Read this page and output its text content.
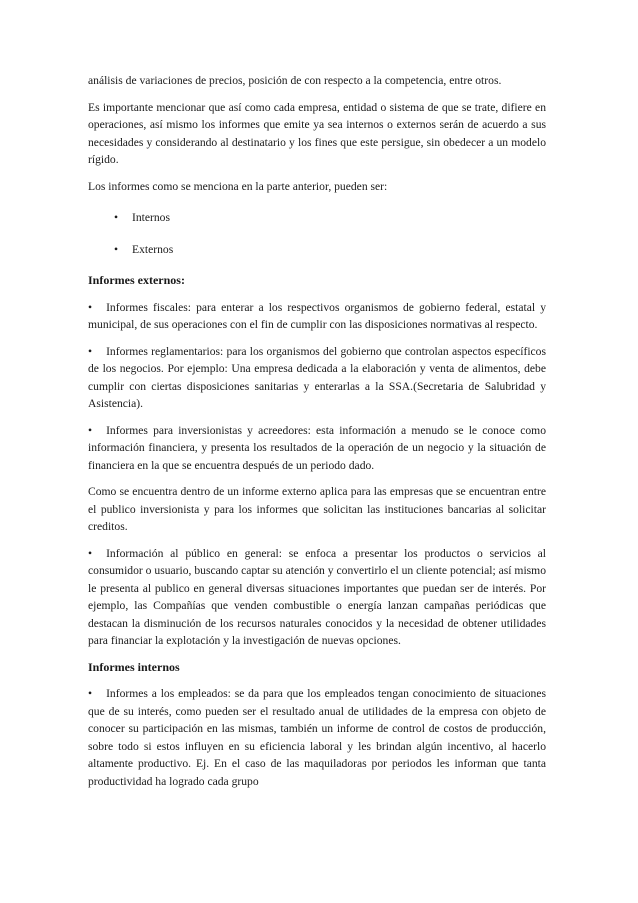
análisis de variaciones de precios, posición de con respecto a la competencia, entre otros.

Es importante mencionar que así como cada empresa, entidad o sistema de que se trate, difiere en operaciones, así mismo los informes que emite ya sea internos o externos serán de acuerdo a sus necesidades y considerando al destinatario y los fines que este persigue, sin obedecer a un modelo rígido.

Los informes como se menciona en la parte anterior, pueden ser:

• Internos
• Externos
Informes externos:

• Informes fiscales: para enterar a los respectivos organismos de gobierno federal, estatal y municipal, de sus operaciones con el fin de cumplir con las disposiciones normativas al respecto.

• Informes reglamentarios: para los organismos del gobierno que controlan aspectos específicos de los negocios. Por ejemplo: Una empresa dedicada a la elaboración y venta de alimentos, debe cumplir con ciertas disposiciones sanitarias y enterarlas a la SSA.(Secretaria de Salubridad y Asistencia).

• Informes para inversionistas y acreedores: esta información a menudo se le conoce como información financiera, y presenta los resultados de la operación de un negocio y la situación de financiera en la que se encuentra después de un periodo dado.

Como se encuentra dentro de un informe externo aplica para las empresas que se encuentran entre el publico inversionista y para los informes que solicitan las instituciones bancarias al solicitar creditos.

• Información al público en general: se enfoca a presentar los productos o servicios al consumidor o usuario, buscando captar su atención y convertirlo el un cliente potencial; así mismo le presenta al publico en general diversas situaciones importantes que puedan ser de interés. Por ejemplo, las Compañías que venden combustible o energía lanzan campañas periódicas que destacan la disminución de los recursos naturales conocidos y la necesidad de obtener utilidades para financiar la explotación y la investigación de nuevas opciones.

Informes internos

• Informes a los empleados: se da para que los empleados tengan conocimiento de situaciones que de su interés, como pueden ser el resultado anual de utilidades de la empresa con objeto de conocer su participación en las mismas, también un informe de control de costos de producción, sobre todo si estos influyen en su eficiencia laboral y les brindan algún incentivo, al hacerlo altamente productivo. Ej. En el caso de las maquiladoras por periodos les informan que tanta productividad ha logrado cada grupo
